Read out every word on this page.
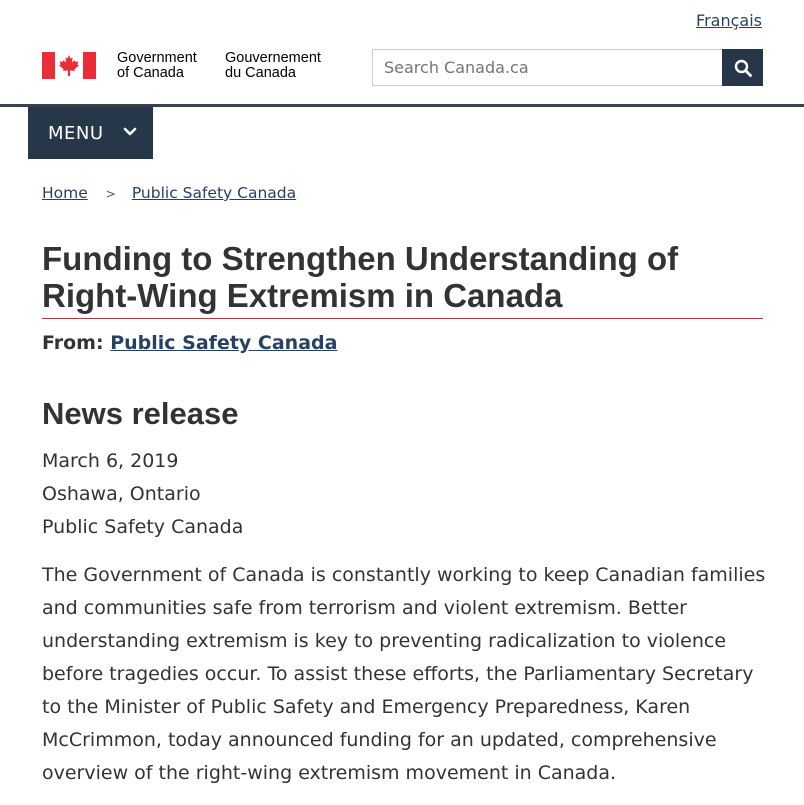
Français
Government
of Canada
Gouvernement
du Canada
Search Canada.ca
MENU
Home > Public Safety Canada
Funding to Strengthen Understanding of Right-Wing Extremism in Canada
From: Public Safety Canada
News release
March 6, 2019
Oshawa, Ontario
Public Safety Canada

The Government of Canada is constantly working to keep Canadian families and communities safe from terrorism and violent extremism. Better understanding extremism is key to preventing radicalization to violence before tragedies occur. To assist these efforts, the Parliamentary Secretary to the Minister of Public Safety and Emergency Preparedness, Karen McCrimmon, today announced funding for an updated, comprehensive overview of the right-wing extremism movement in Canada.
